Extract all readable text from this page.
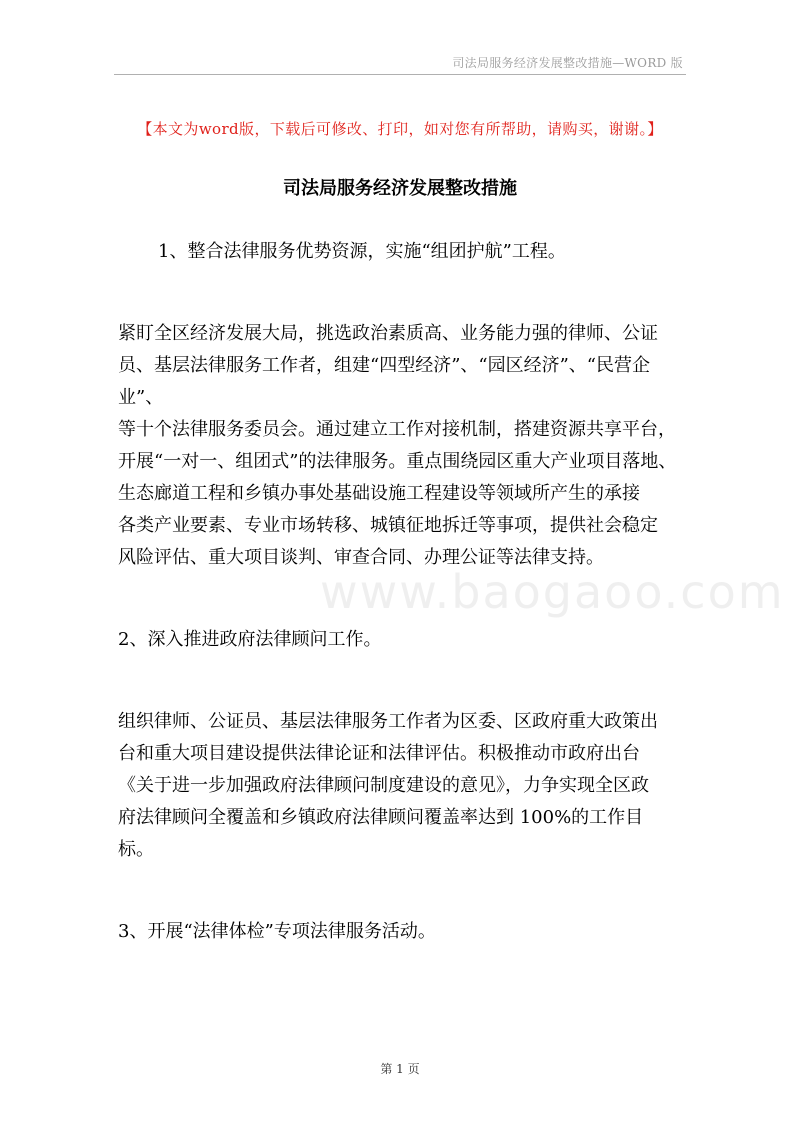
司法局服务经济发展整改措施—WORD 版
【本文为word版，下载后可修改、打印，如对您有所帮助，请购买，谢谢。】
司法局服务经济发展整改措施
www.baogaoo.com

1、整合法律服务优势资源，实施“组团护航”工程。

紧盯全区经济发展大局，挑选政治素质高、业务能力强的律师、公证
员、基层法律服务工作者，组建“四型经济”、“园区经济”、“民营企业”、
等十个法律服务委员会。通过建立工作对接机制，搭建资源共享平台，
开展“一对一、组团式”的法律服务。重点围绕园区重大产业项目落地、
生态廊道工程和乡镇办事处基础设施工程建设等领域所产生的承接
各类产业要素、专业市场转移、城镇征地拆迁等事项，提供社会稳定
风险评估、重大项目谈判、审查合同、办理公证等法律支持。

2、深入推进政府法律顾问工作。

组织律师、公证员、基层法律服务工作者为区委、区政府重大政策出
台和重大项目建设提供法律论证和法律评估。积极推动市政府出台
《关于进一步加强政府法律顾问制度建设的意见》，力争实现全区政
府法律顾问全覆盖和乡镇政府法律顾问覆盖率达到 100%的工作目
标。

3、开展“法律体检”专项法律服务活动。

第 1 页
